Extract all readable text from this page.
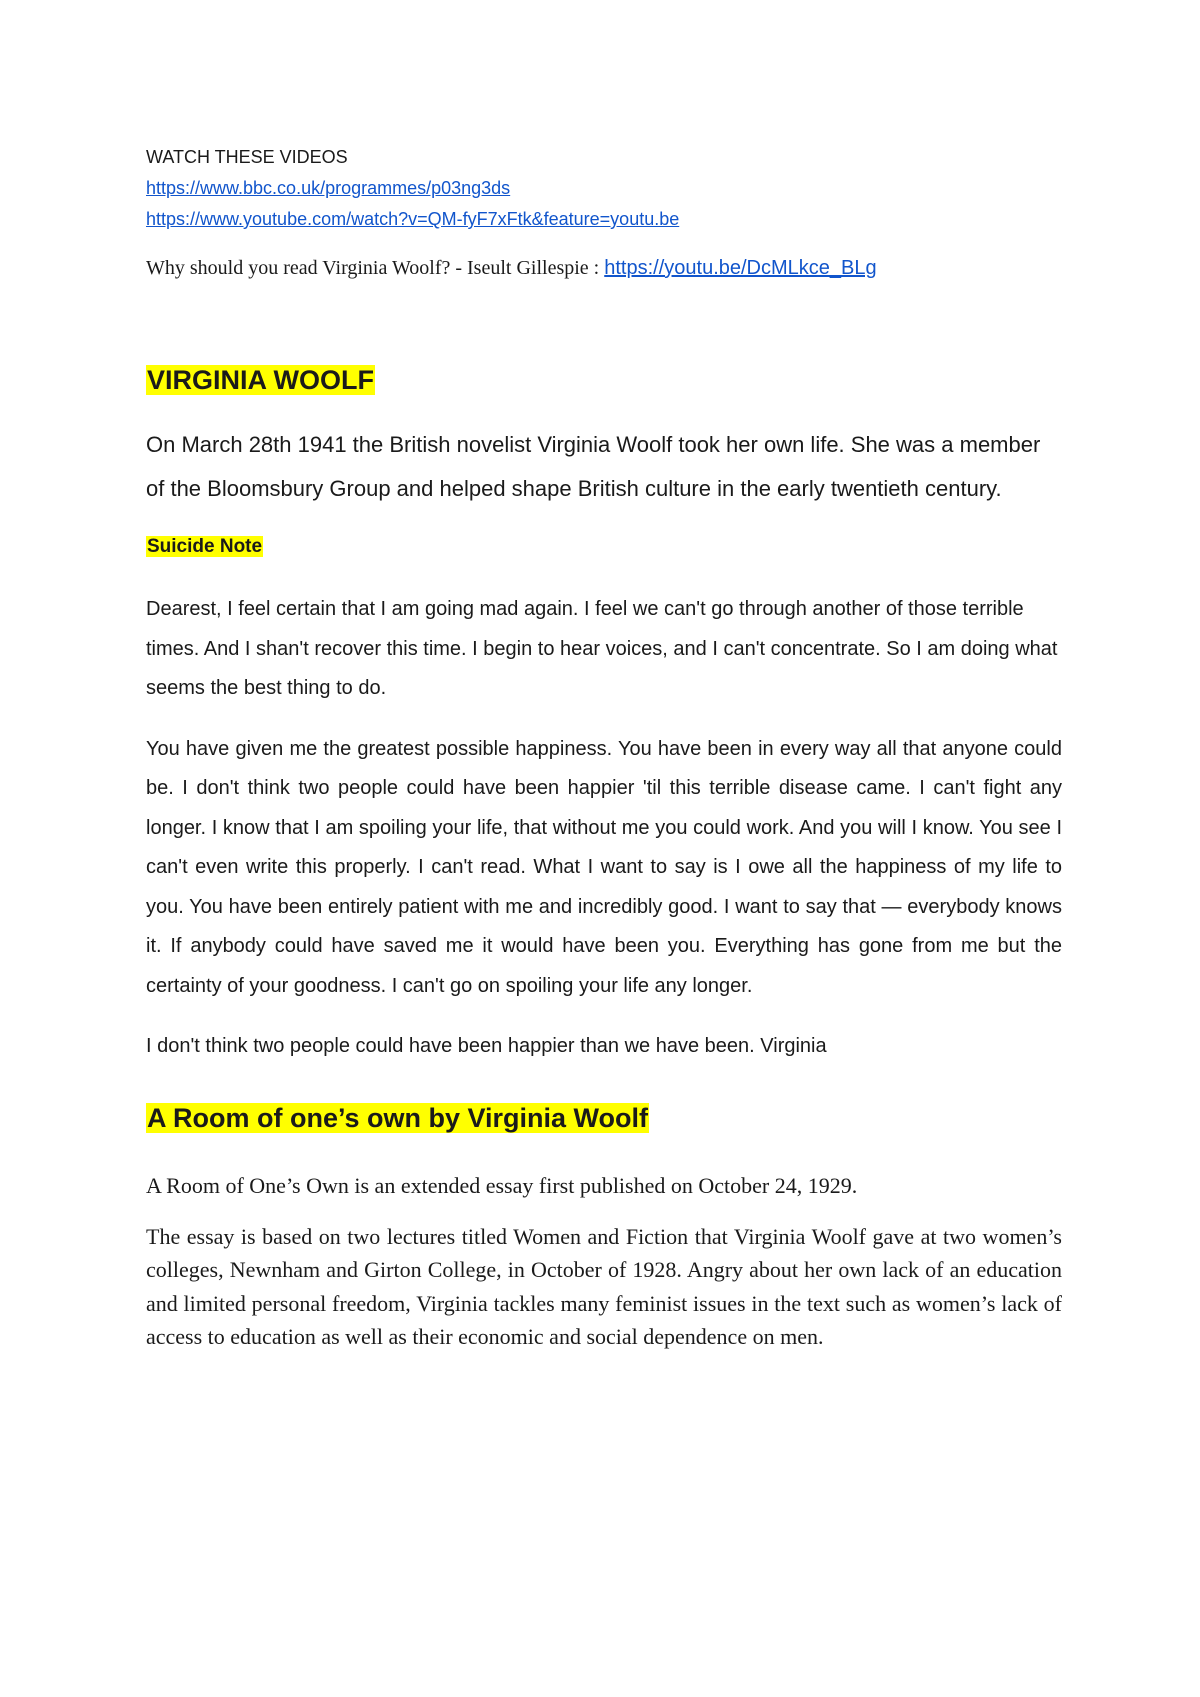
WATCH THESE VIDEOS

https://www.bbc.co.uk/programmes/p03ng3ds

https://www.youtube.com/watch?v=QM-fyF7xFtk&feature=youtu.be

Why should you read Virginia Woolf? - Iseult Gillespie : https://youtu.be/DcMLkce_BLg

VIRGINIA WOOLF

On March 28th 1941 the British novelist Virginia Woolf took her own life. She was a member of the Bloomsbury Group and helped shape British culture in the early twentieth century.

Suicide Note

Dearest, I feel certain that I am going mad again. I feel we can't go through another of those terrible times. And I shan't recover this time. I begin to hear voices, and I can't concentrate. So I am doing what seems the best thing to do.

You have given me the greatest possible happiness. You have been in every way all that anyone could be. I don't think two people could have been happier 'til this terrible disease came. I can't fight any longer. I know that I am spoiling your life, that without me you could work. And you will I know. You see I can't even write this properly. I can't read. What I want to say is I owe all the happiness of my life to you. You have been entirely patient with me and incredibly good. I want to say that — everybody knows it. If anybody could have saved me it would have been you. Everything has gone from me but the certainty of your goodness. I can't go on spoiling your life any longer.

I don't think two people could have been happier than we have been. Virginia

A Room of one’s own by Virginia Woolf

A Room of One’s Own is an extended essay first published on October 24, 1929.

The essay is based on two lectures titled Women and Fiction that Virginia Woolf gave at two women’s colleges, Newnham and Girton College, in October of 1928. Angry about her own lack of an education and limited personal freedom, Virginia tackles many feminist issues in the text such as women’s lack of access to education as well as their economic and social dependence on men.
